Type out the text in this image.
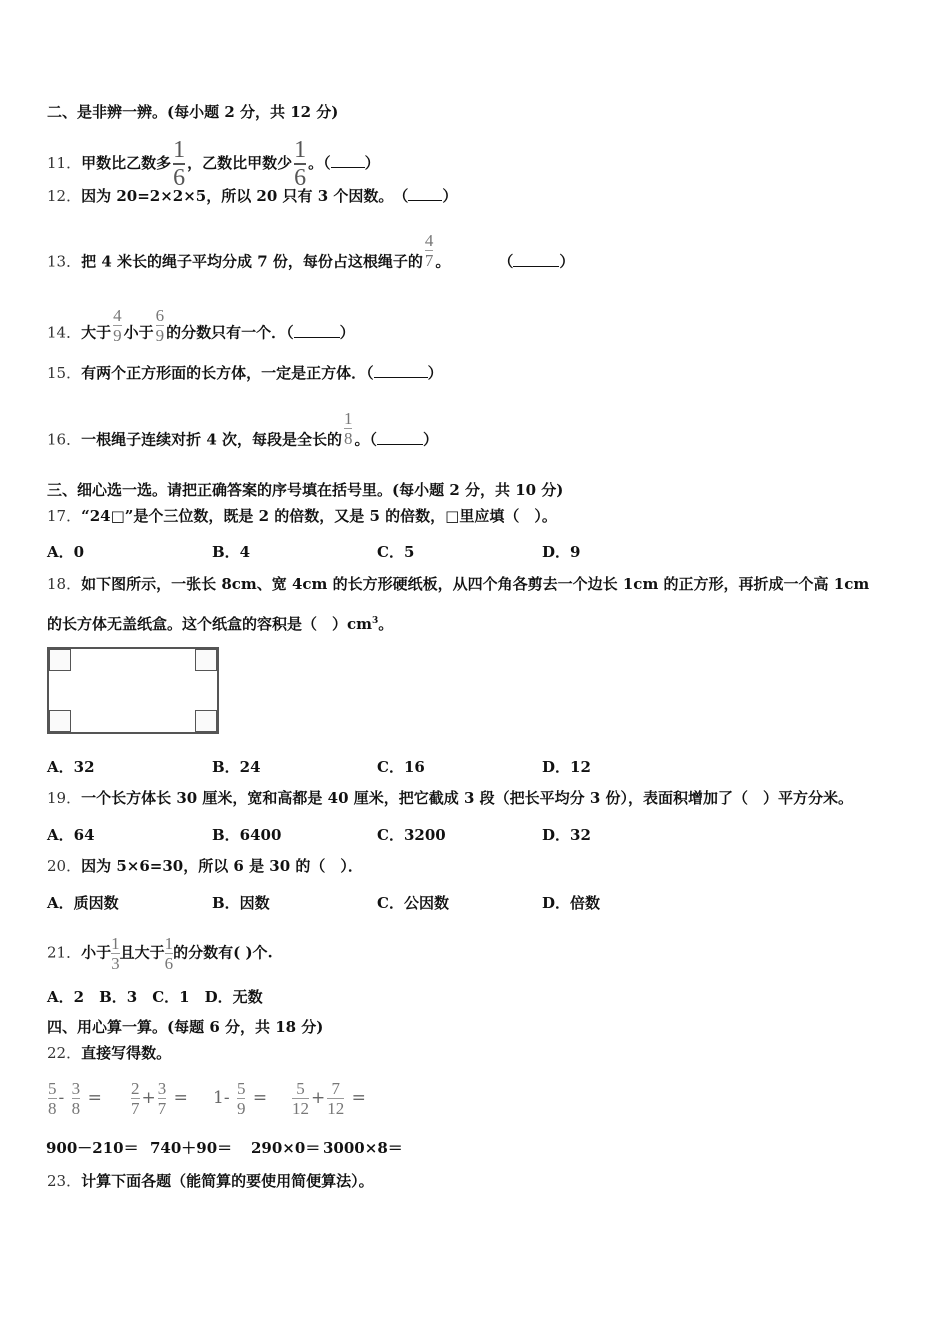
二、是非辨一辨。(每小题 2 分，共 12 分)
11．甲数比乙数多 $\frac{1}{6}$ ，乙数比甲数少 $\frac{1}{6}$ 。（ ）
12．因为 20=2×2×5，所以 20 只有 3 个因数。　（ ）
13．把 4 米长的绳子平均分成 7 份，每份占这根绳子的 $\frac{4}{7}$ 。	（	）
14．大于 $\frac{4}{9}$ 小于 $\frac{6}{9}$ 的分数只有一个．（	）
15．有两个正方形面的长方体，一定是正方体．（	）
16．一根绳子连续对折 4 次，每段是全长的 $\frac{1}{8}$ 。（	）
三、细心选一选。请把正确答案的序号填在括号里。(每小题 2 分，共 10 分)
17．“24□”是个三位数，既是 2 的倍数，又是 5 的倍数，□里应填（　）。
A．0	B．4	C．5	D．9
18．如下图所示，一张长 8cm、宽 4cm 的长方形硬纸板，从四个角各剪去一个边长 1cm 的正方形，再折成一个高 1cm
的长方体无盖纸盒。这个纸盒的容积是（　）$cm^3$。
A．32	B．24	C．16	D．12
19．一个长方体长 30 厘米，宽和高都是 40 厘米，把它截成 3 段（把长平均分 3 份），表面积增加了（　）平方分米。
A．64	B．6400	C．3200	D．32
20．因为 5×6=30，所以 6 是 30 的（　）．
A．质因数	B．因数	C．公因数	D．倍数
21．小于 $\frac{1}{3}$ 且大于 $\frac{1}{6}$ 的分数有( )个.
A．2　B．3　C．1　D．无数
四、用心算一算。(每题 6 分，共 18 分)
22．直接写得数。
$\frac{5}{8} - \frac{3}{8} = \frac{2}{7} + \frac{3}{7} = 1- \frac{5}{9} = \frac{5}{12} + \frac{7}{12}$ =
900－210＝ 740＋90＝ 290×0＝ 3000×8＝
23．计算下面各题（能简算的要使用简便算法）。
